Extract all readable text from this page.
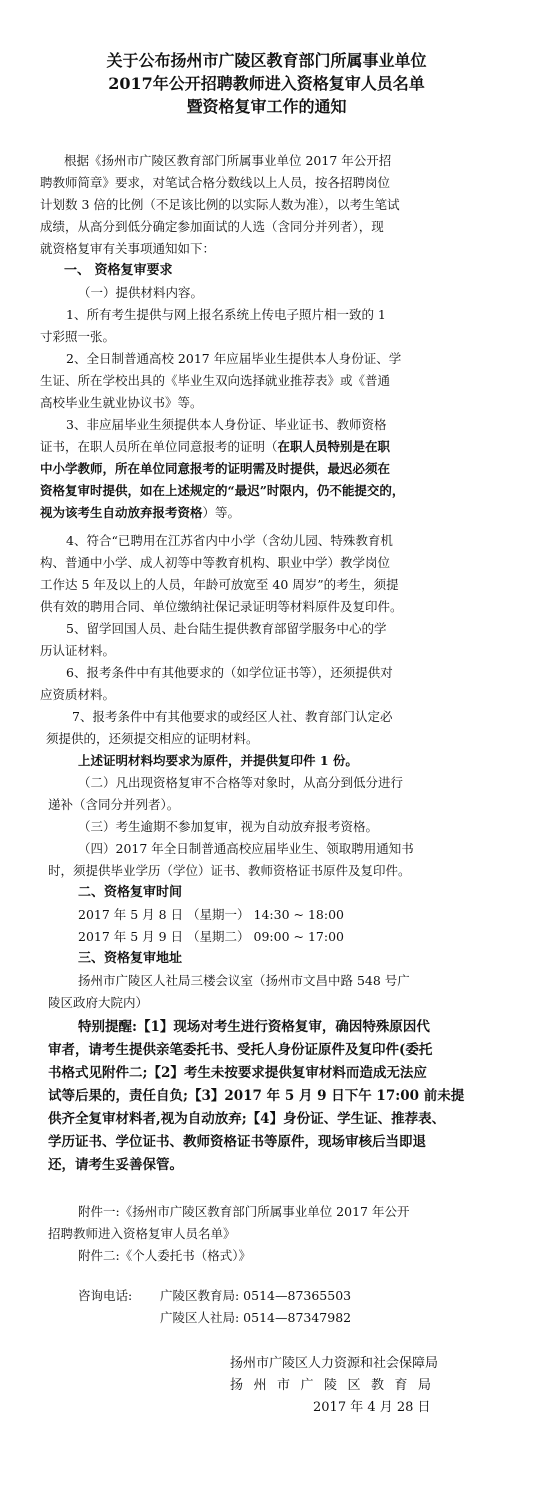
关于公布扬州市广陵区教育部门所属事业单位
2017年公开招聘教师进入资格复审人员名单
暨资格复审工作的通知
根据《扬州市广陵区教育部门所属事业单位 2017 年公开招
聘教师简章》要求，对笔试合格分数线以上人员，按各招聘岗位
计划数 3 倍的比例（不足该比例的以实际人数为准），以考生笔试
成绩，从高分到低分确定参加面试的人选（含同分并列者），现
就资格复审有关事项通知如下：
一、 资格复审要求
（一）提供材料内容。
1、所有考生提供与网上报名系统上传电子照片相一致的 1
寸彩照一张。
2、全日制普通高校 2017 年应届毕业生提供本人身份证、学
生证、所在学校出具的《毕业生双向选择就业推荐表》或《普通
高校毕业生就业协议书》等。
3、非应届毕业生须提供本人身份证、毕业证书、教师资格
证书，在职人员所在单位同意报考的证明（在职人员特别是在职
中小学教师，所在单位同意报考的证明需及时提供，最迟必须在
资格复审时提供，如在上述规定的“最迟”时限内，仍不能提交的，
视为该考生自动放弃报考资格）等。
4、符合“已聘用在江苏省内中小学（含幼儿园、特殊教育机
构、普通中小学、成人初等中等教育机构、职业中学）教学岗位
工作达 5 年及以上的人员，年龄可放宽至 40 周岁”的考生，须提
供有效的聘用合同、单位缴纳社保记录证明等材料原件及复印件。
5、留学回国人员、赴台陆生提供教育部留学服务中心的学
历认证材料。
6、报考条件中有其他要求的（如学位证书等），还须提供对
应资质材料。
7、报考条件中有其他要求的或经区人社、教育部门认定必
须提供的，还须提交相应的证明材料。
上述证明材料均要求为原件，并提供复印件 1 份。
（二）凡出现资格复审不合格等对象时，从高分到低分进行
递补（含同分并列者）。
（三）考生逾期不参加复审，视为自动放弃报考资格。
（四）2017 年全日制普通高校应届毕业生、领取聘用通知书
时，须提供毕业学历（学位）证书、教师资格证书原件及复印件。
二、资格复审时间
2017 年 5 月 8 日 （星期一） 14:30 ~ 18:00
2017 年 5 月 9 日 （星期二） 09:00 ~ 17:00
三、资格复审地址
扬州市广陵区人社局三楼会议室（扬州市文昌中路 548 号广
陵区政府大院内）
特别提醒:【1】现场对考生进行资格复审，确因特殊原因代
审者，请考生提供亲笔委托书、受托人身份证原件及复印件(委托
书格式见附件二;【2】考生未按要求提供复审材料而造成无法应
试等后果的，责任自负;【3】2017 年 5 月 9 日下午 17:00 前未提
供齐全复审材料者,视为自动放弃;【4】身份证、学生证、推荐表、
学历证书、学位证书、教师资格证书等原件，现场审核后当即退
还，请考生妥善保管。
附件一:《扬州市广陵区教育部门所属事业单位 2017 年公开
招聘教师进入资格复审人员名单》
附件二:《个人委托书（格式）》
咨询电话: 广陵区教育局: 0514—87365503
广陵区人社局: 0514—87347982
扬州市广陵区人力资源和社会保障局
扬州市广陵区教育局
2017 年 4 月 28 日
